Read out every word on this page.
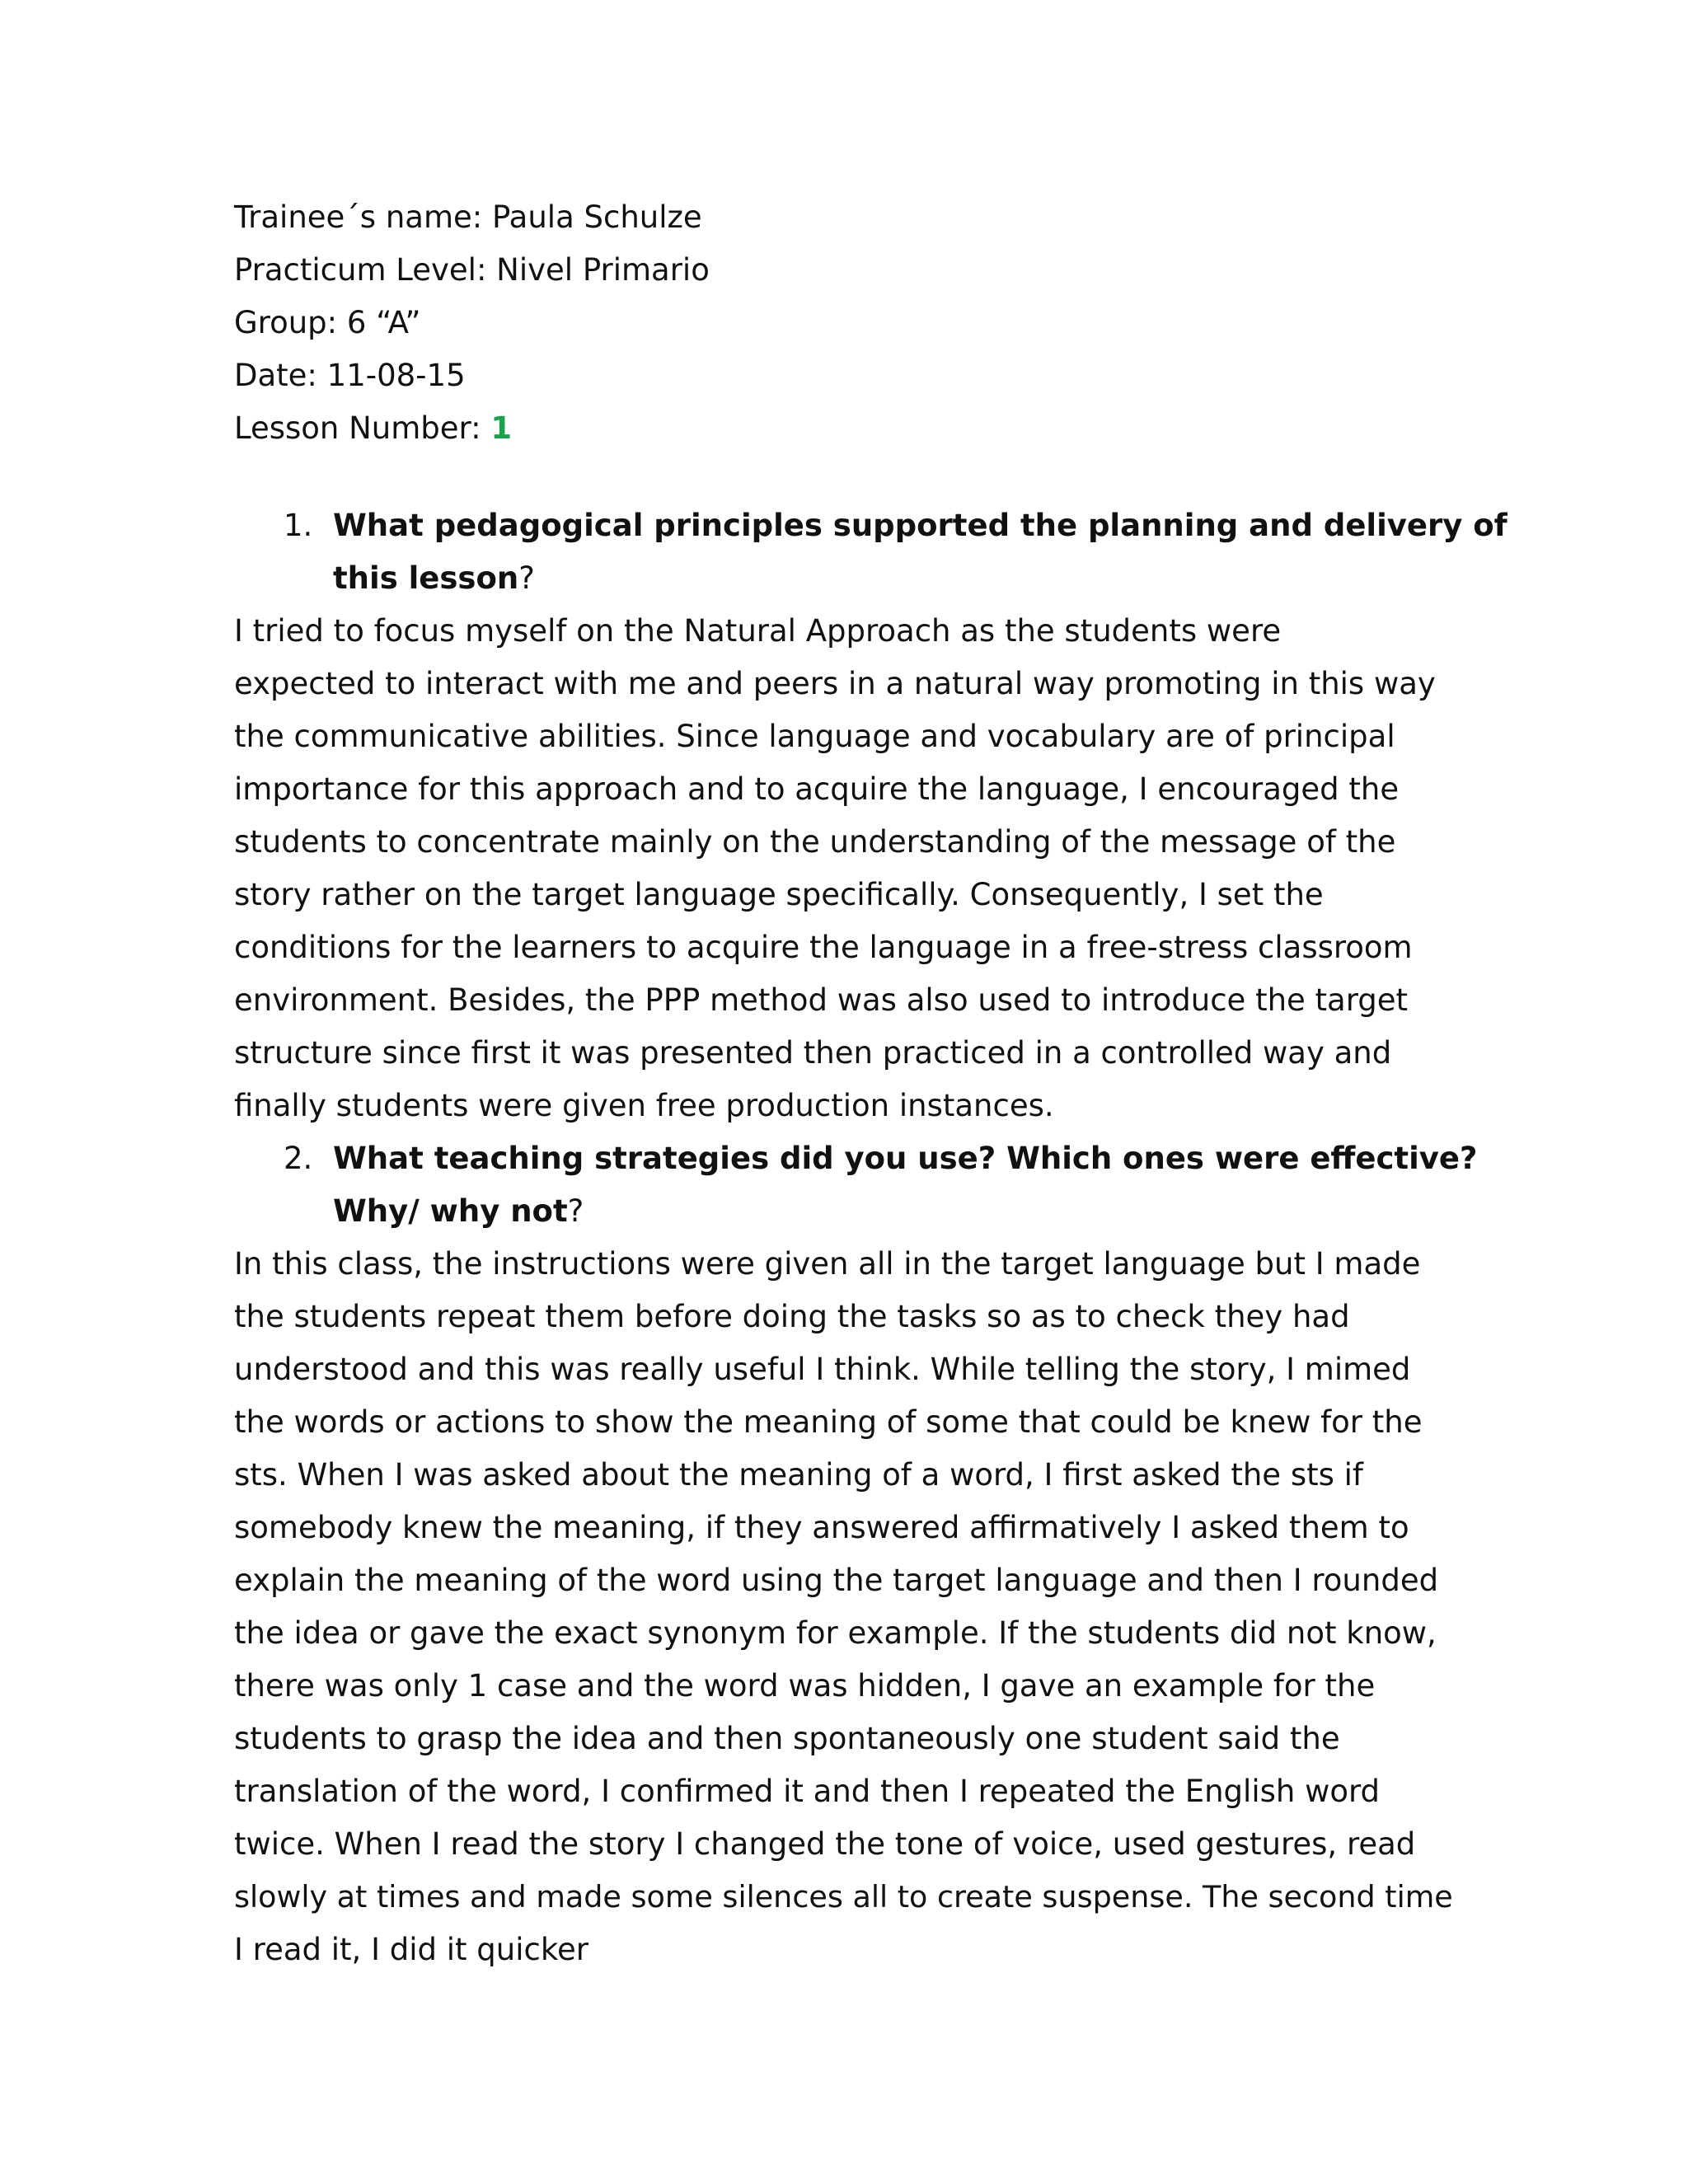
Trainee´s name: Paula Schulze
Practicum Level: Nivel Primario
Group: 6 “A”
Date: 11-08-15
Lesson Number: 1
1. What pedagogical principles supported the planning and delivery of
this lesson?

I tried to focus myself on the Natural Approach as the students were
expected to interact with me and peers in a natural way promoting in this way
the communicative abilities. Since language and vocabulary are of principal
importance for this approach and to acquire the language, I encouraged the
students to concentrate mainly on the understanding of the message of the
story rather on the target language specifically. Consequently, I set the
conditions for the learners to acquire the language in a free-stress classroom
environment. Besides, the PPP method was also used to introduce the target
structure since first it was presented then practiced in a controlled way and
finally students were given free production instances.

2. What teaching strategies did you use? Which ones were effective?
Why/ why not?

In this class, the instructions were given all in the target language but I made
the students repeat them before doing the tasks so as to check they had
understood and this was really useful I think. While telling the story, I mimed
the words or actions to show the meaning of some that could be knew for the
sts. When I was asked about the meaning of a word, I first asked the sts if
somebody knew the meaning, if they answered affirmatively I asked them to
explain the meaning of the word using the target language and then I rounded
the idea or gave the exact synonym for example. If the students did not know,
there was only 1 case and the word was hidden, I gave an example for the
students to grasp the idea and then spontaneously one student said the
translation of the word, I confirmed it and then I repeated the English word
twice. When I read the story I changed the tone of voice, used gestures, read
slowly at times and made some silences all to create suspense. The second time
I read it, I did it quicker
